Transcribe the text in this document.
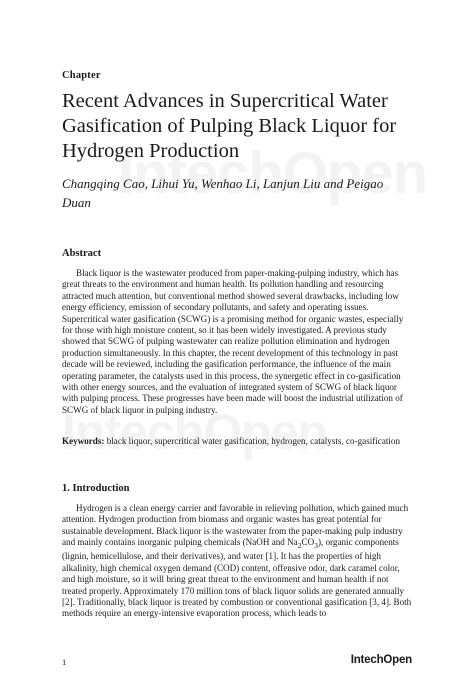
Chapter
Recent Advances in Supercritical Water Gasification of Pulping Black Liquor for Hydrogen Production
Changqing Cao, Lihui Yu, Wenhao Li, Lanjun Liu and Peigao Duan
Abstract

Black liquor is the wastewater produced from paper-making-pulping industry, which has great threats to the environment and human health. Its pollution handling and resourcing attracted much attention, but conventional method showed several drawbacks, including low energy efficiency, emission of secondary pollutants, and safety and operating issues. Supercritical water gasification (SCWG) is a promising method for organic wastes, especially for those with high moisture content, so it has been widely investigated. A previous study showed that SCWG of pulping wastewater can realize pollution elimination and hydrogen production simultaneously. In this chapter, the recent development of this technology in past decade will be reviewed, including the gasification performance, the influence of the main operating parameter, the catalysts used in this process, the synergetic effect in co-gasification with other energy sources, and the evaluation of integrated system of SCWG of black liquor with pulping process. These progresses have been made will boost the industrial utilization of SCWG of black liquor in pulping industry.

Keywords: black liquor, supercritical water gasification, hydrogen, catalysts, co-gasification

1. Introduction

Hydrogen is a clean energy carrier and favorable in relieving pollution, which gained much attention. Hydrogen production from biomass and organic wastes has great potential for sustainable development. Black liquor is the wastewater from the paper-making pulp industry and mainly contains inorganic pulping chemicals (NaOH and $Na_2CO_3$), organic components (lignin, hemicellulose, and their derivatives), and water [1]. It has the properties of high alkalinity, high chemical oxygen demand (COD) content, offensive odor, dark caramel color, and high moisture, so it will bring great threat to the environment and human health if not treated properly. Approximately 170 million tons of black liquor solids are generated annually [2]. Traditionally, black liquor is treated by combustion or conventional gasification [3, 4]. Both methods require an energy-intensive evaporation process, which leads to

1	IntechOpen
